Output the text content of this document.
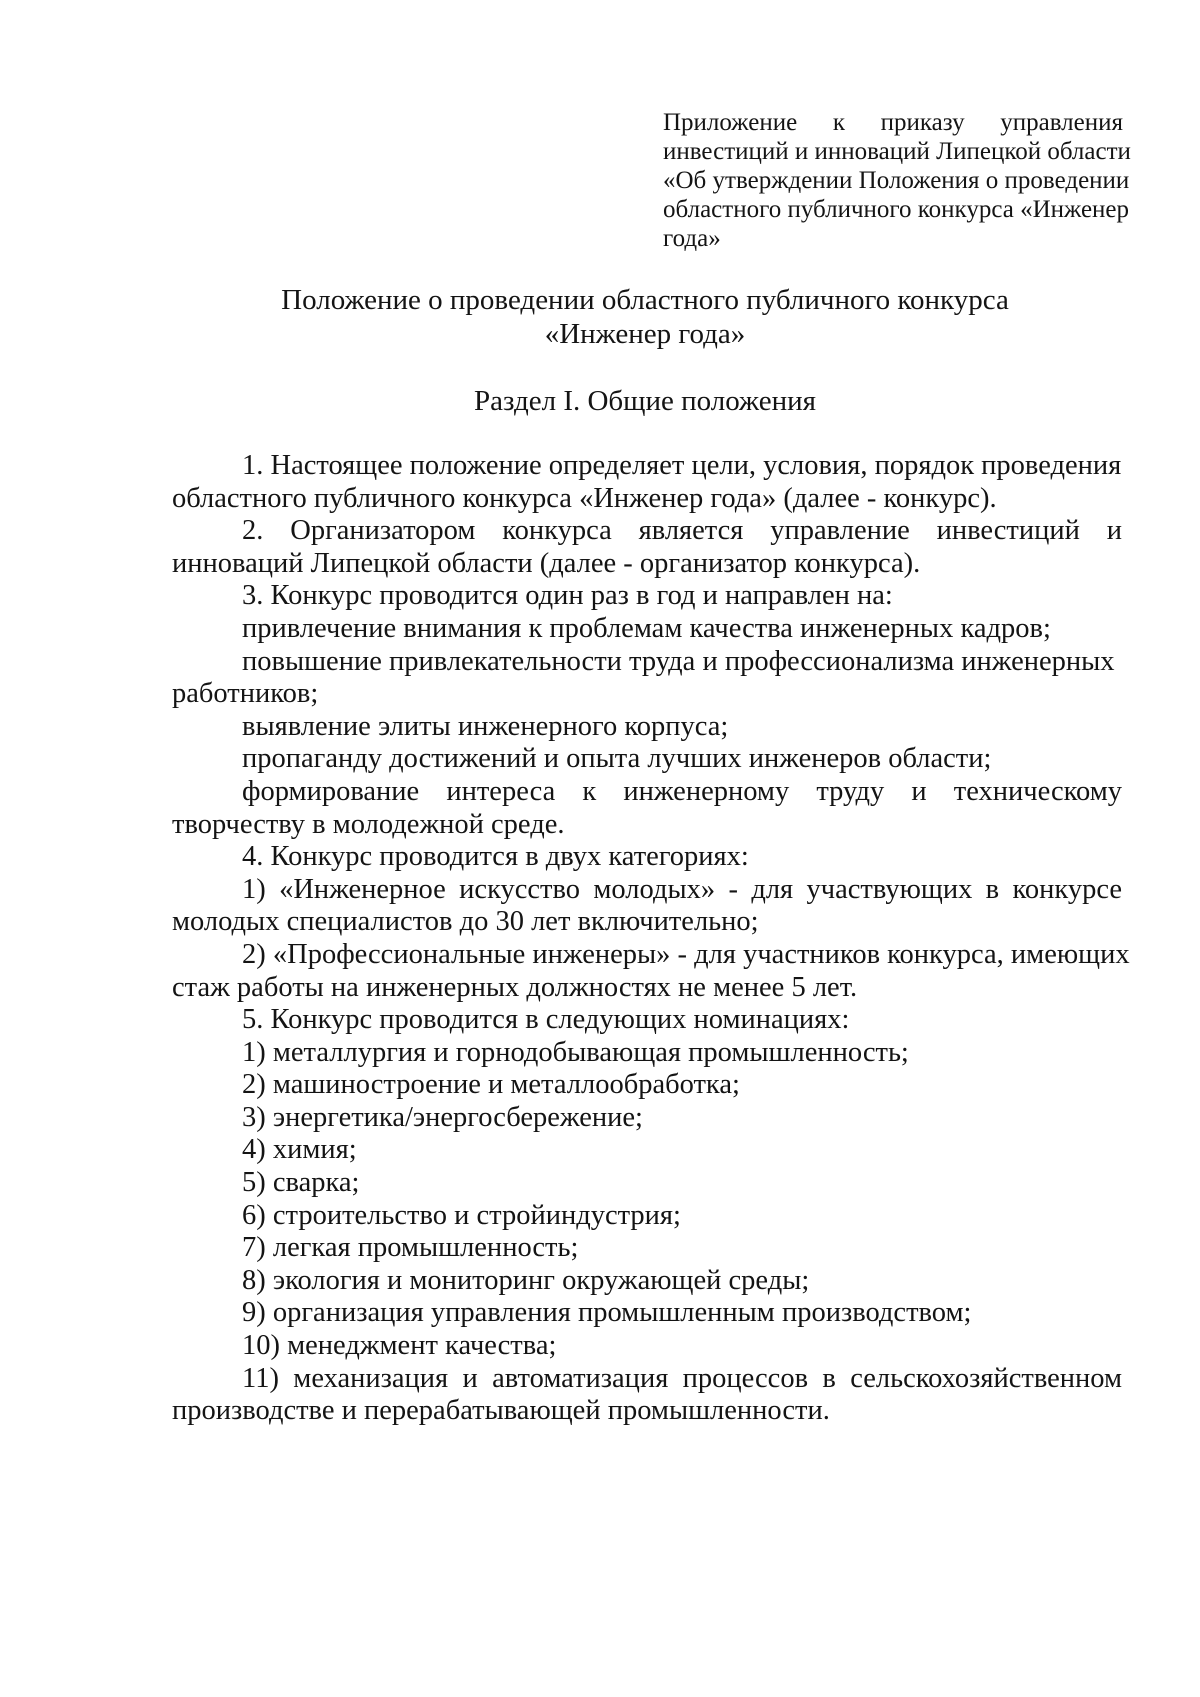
Приложение к приказу управления
инвестиций и инноваций Липецкой области
«Об утверждении Положения о проведении
областного публичного конкурса «Инженер
года»
Положение о проведении областного публичного конкурса
«Инженер года»
Раздел I. Общие положения
1. Настоящее положение определяет цели, условия, порядок проведения
областного публичного конкурса «Инженер года» (далее - конкурс).
2. Организатором конкурса является управление инвестиций и
инноваций Липецкой области (далее - организатор конкурса).
3. Конкурс проводится один раз в год и направлен на:
привлечение внимания к проблемам качества инженерных кадров;
повышение привлекательности труда и профессионализма инженерных
работников;
выявление элиты инженерного корпуса;
пропаганду достижений и опыта лучших инженеров области;
формирование интереса к инженерному труду и техническому
творчеству в молодежной среде.
4. Конкурс проводится в двух категориях:
1) «Инженерное искусство молодых» - для участвующих в конкурсе
молодых специалистов до 30 лет включительно;
2) «Профессиональные инженеры» - для участников конкурса, имеющих
стаж работы на инженерных должностях не менее 5 лет.
5. Конкурс проводится в следующих номинациях:
1) металлургия и горнодобывающая промышленность;
2) машиностроение и металлообработка;
3) энергетика/энергосбережение;
4) химия;
5) сварка;
6) строительство и стройиндустрия;
7) легкая промышленность;
8) экология и мониторинг окружающей среды;
9) организация управления промышленным производством;
10) менеджмент качества;
11) механизация и автоматизация процессов в сельскохозяйственном
производстве и перерабатывающей промышленности.
